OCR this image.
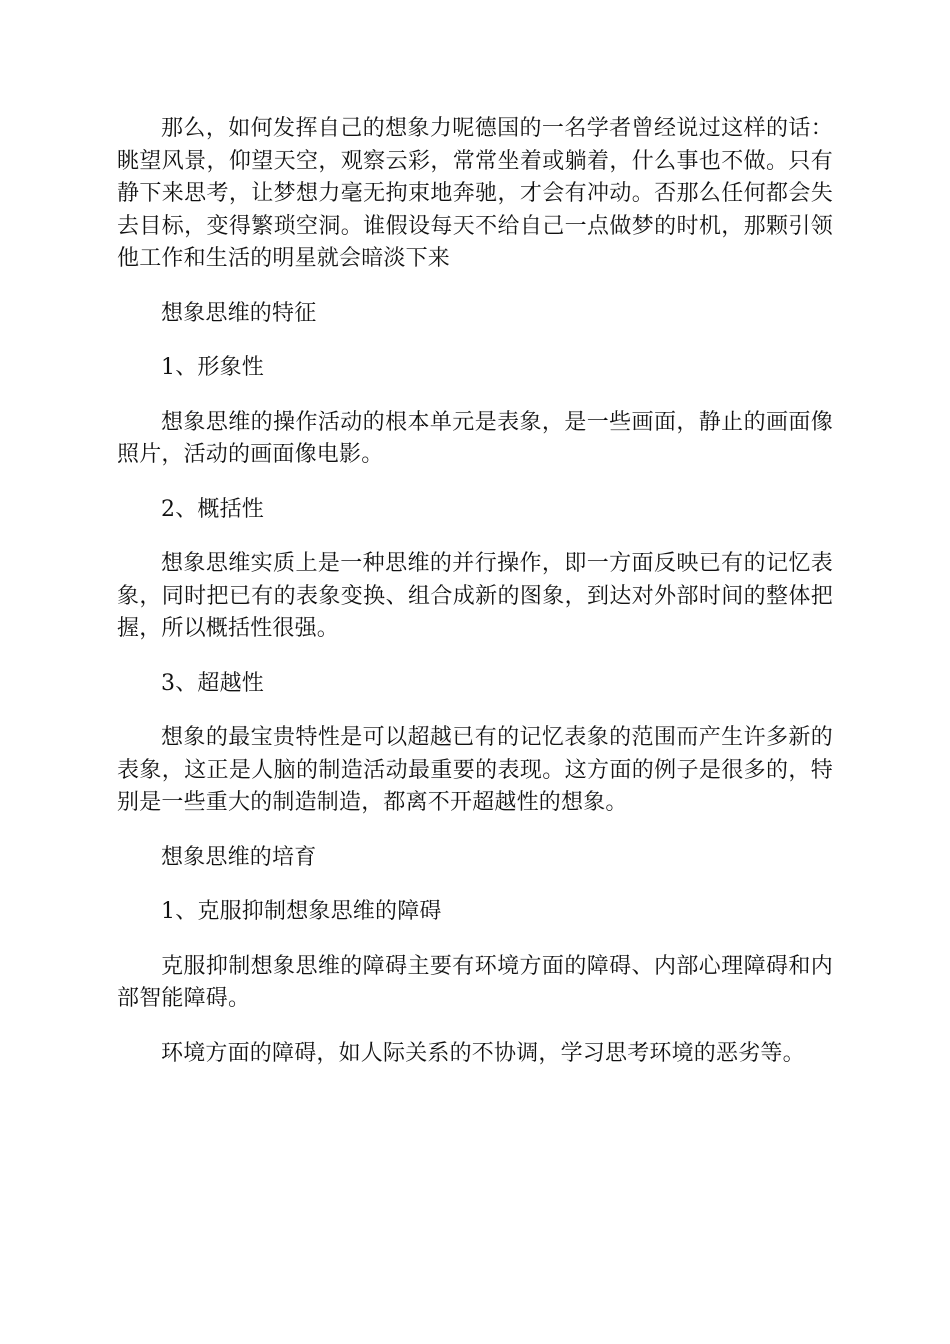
那么，如何发挥自己的想象力呢德国的一名学者曾经说过这样的话：眺望风景，仰望天空，观察云彩，常常坐着或躺着，什么事也不做。只有静下来思考，让梦想力毫无拘束地奔驰，才会有冲动。否那么任何都会失去目标，变得繁琐空洞。谁假设每天不给自己一点做梦的时机，那颗引领他工作和生活的明星就会暗淡下来

想象思维的特征

1、形象性

想象思维的操作活动的根本单元是表象，是一些画面，静止的画面像照片，活动的画面像电影。

2、概括性

想象思维实质上是一种思维的并行操作，即一方面反映已有的记忆表象，同时把已有的表象变换、组合成新的图象，到达对外部时间的整体把握，所以概括性很强。

3、超越性

想象的最宝贵特性是可以超越已有的记忆表象的范围而产生许多新的表象，这正是人脑的制造活动最重要的表现。这方面的例子是很多的，特别是一些重大的制造制造，都离不开超越性的想象。

想象思维的培育

1、克服抑制想象思维的障碍

克服抑制想象思维的障碍主要有环境方面的障碍、内部心理障碍和内部智能障碍。

环境方面的障碍，如人际关系的不协调，学习思考环境的恶劣等。
